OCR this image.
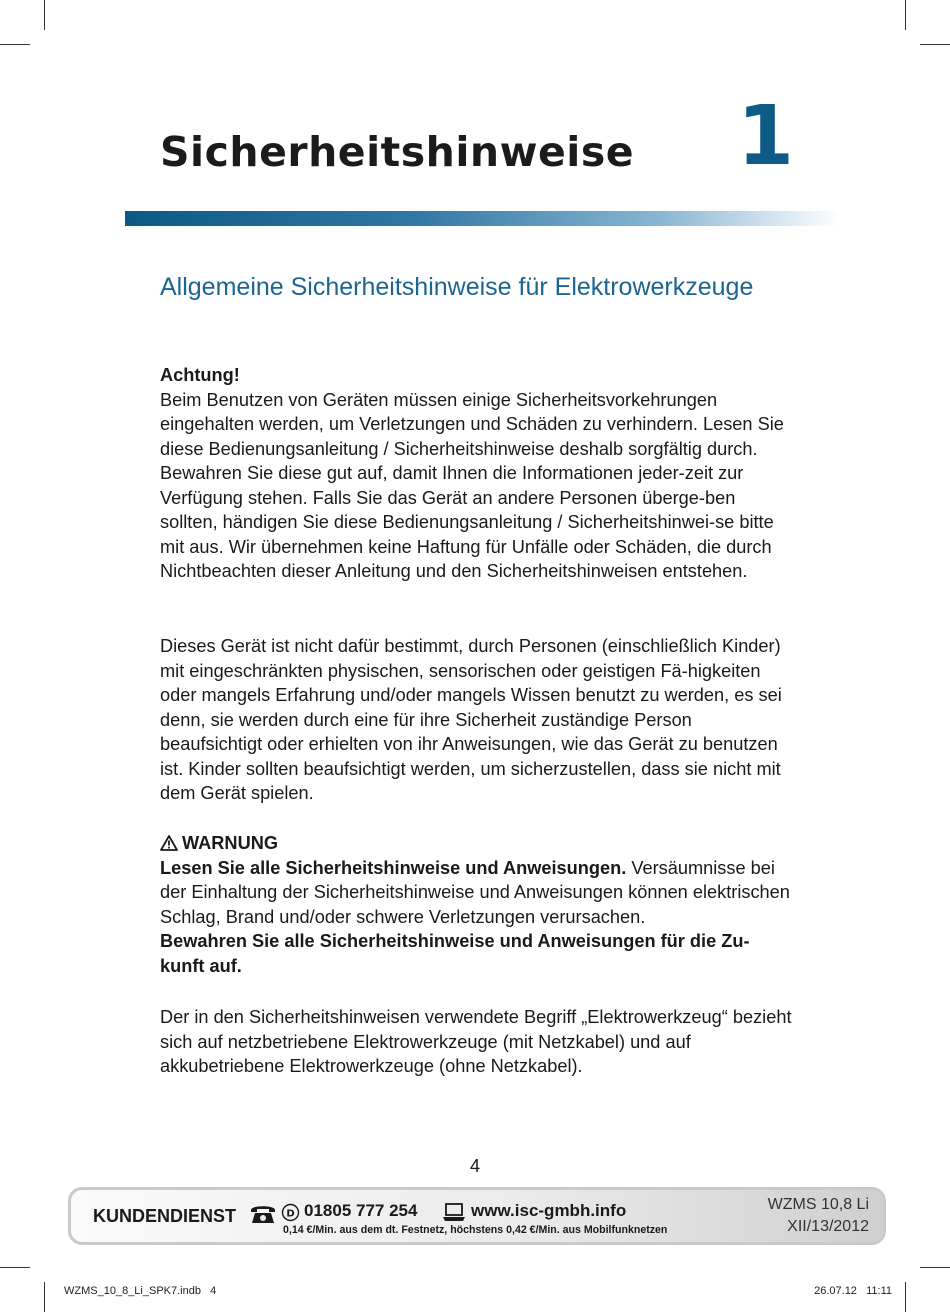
Sicherheitshinweise 1
Allgemeine Sicherheitshinweise für Elektrowerkzeuge

Achtung!

Beim Benutzen von Geräten müssen einige Sicherheitsvorkehrungen eingehalten werden, um Verletzungen und Schäden zu verhindern. Lesen Sie diese Bedienungsanleitung / Sicherheitshinweise deshalb sorgfältig durch. Bewahren Sie diese gut auf, damit Ihnen die Informationen jeder-zeit zur Verfügung stehen. Falls Sie das Gerät an andere Personen überge-ben sollten, händigen Sie diese Bedienungsanleitung / Sicherheitshinwei-se bitte mit aus. Wir übernehmen keine Haftung für Unfälle oder Schäden, die durch Nichtbeachten dieser Anleitung und den Sicherheitshinweisen entstehen.

Dieses Gerät ist nicht dafür bestimmt, durch Personen (einschließlich Kinder) mit eingeschränkten physischen, sensorischen oder geistigen Fä-higkeiten oder mangels Erfahrung und/oder mangels Wissen benutzt zu werden, es sei denn, sie werden durch eine für ihre Sicherheit zuständige Person beaufsichtigt oder erhielten von ihr Anweisungen, wie das Gerät zu benutzen ist. Kinder sollten beaufsichtigt werden, um sicherzustellen, dass sie nicht mit dem Gerät spielen.

WARNUNG

Lesen Sie alle Sicherheitshinweise und Anweisungen. Versäumnisse bei der Einhaltung der Sicherheitshinweise und Anweisungen können elektrischen Schlag, Brand und/oder schwere Verletzungen verursachen.

Bewahren Sie alle Sicherheitshinweise und Anweisungen für die Zu-kunft auf.

Der in den Sicherheitshinweisen verwendete Begriff „Elektrowerkzeug“ bezieht sich auf netzbetriebene Elektrowerkzeuge (mit Netzkabel) und auf akkubetriebene Elektrowerkzeuge (ohne Netzkabel).

4
KUNDENDIENST	D 01805 777 254	www.isc-gmbh.info
0,14 €/Min. aus dem dt. Festnetz, höchstens 0,42 €/Min. aus Mobilfunknetzen
WZMS 10,8 Li
XII/13/2012
WZMS_10_8_Li_SPK7.indb   4	26.07.12   11:11
